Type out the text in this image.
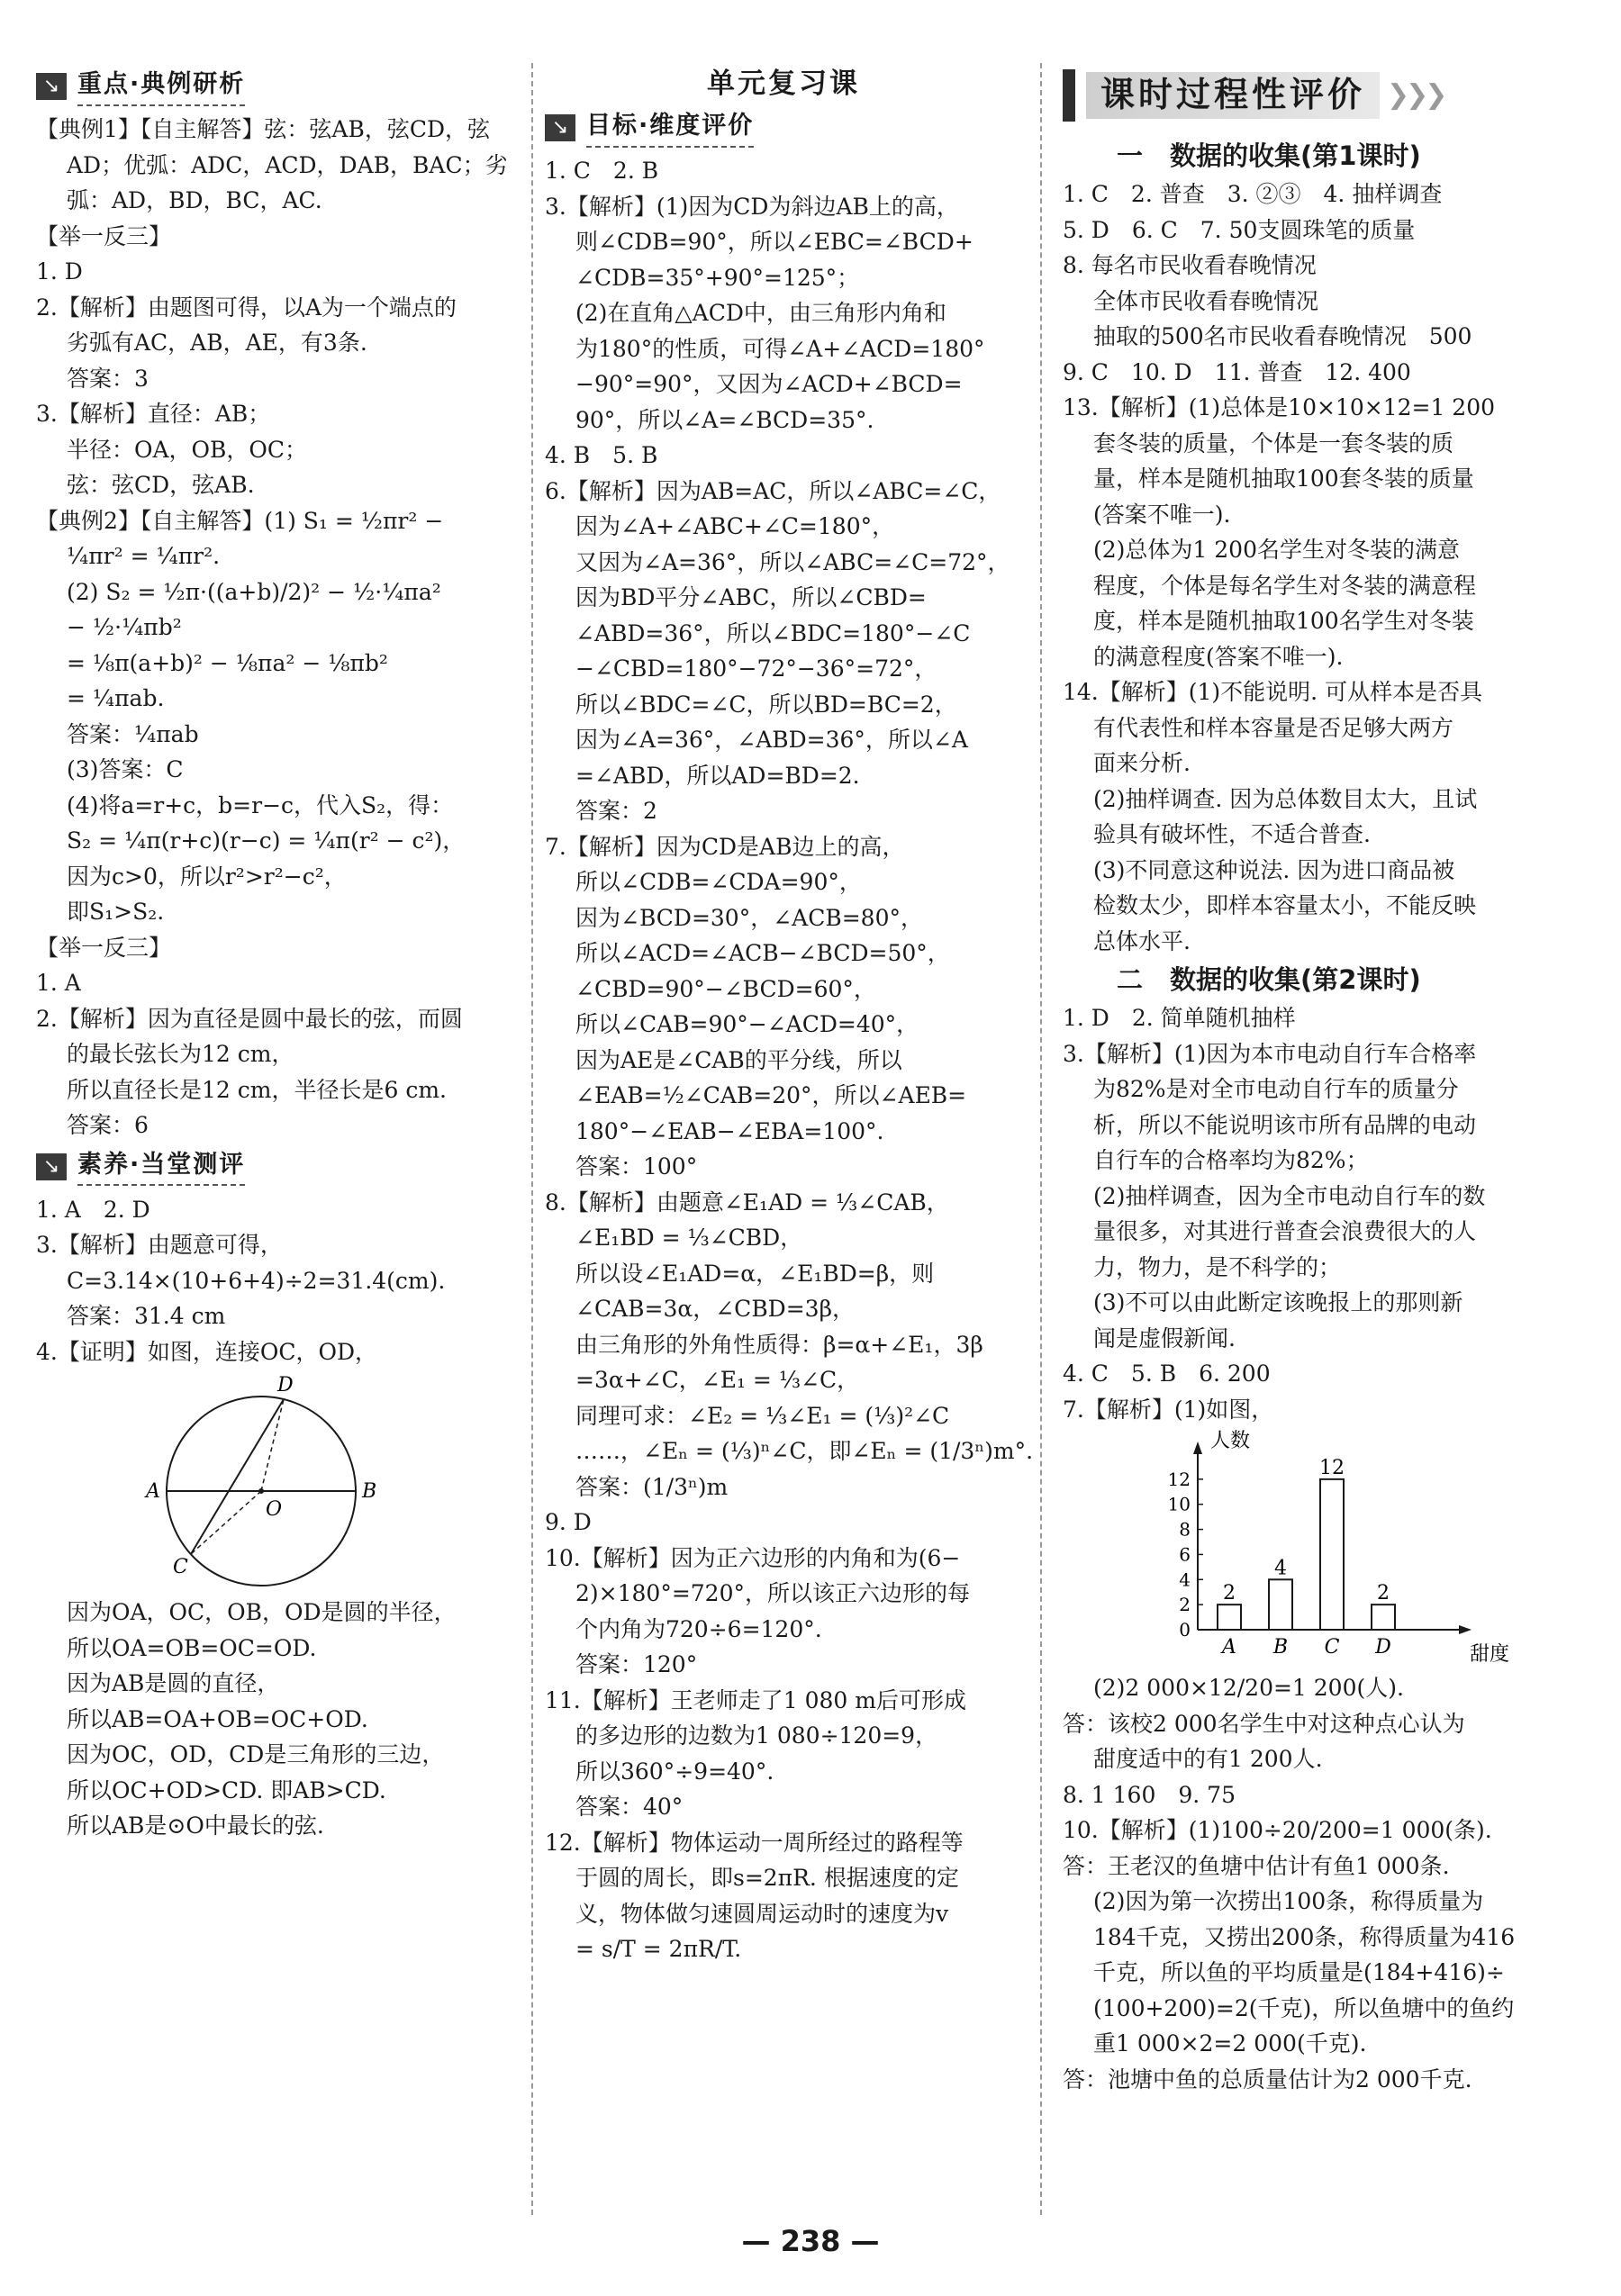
↘ 重点·典例研析
【典例1】【自主解答】弦：弦AB，弦CD，弦
AD；优弧：ADC，ACD，DAB，BAC；劣
弧：AD，BD，BC，AC.
【举一反三】
1. D
2.【解析】由题图可得，以A为一个端点的
劣弧有AC，AB，AE，有3条.
答案：3
3.【解析】直径：AB；
半径：OA，OB，OC；
弦：弦CD，弦AB.
【典例2】【自主解答】(1) S₁ = ½πr² −
¼πr² = ¼πr².
(2) S₂ = ½π·((a+b)/2)² − ½·¼πa²
− ½·¼πb²
= ⅛π(a+b)² − ⅛πa² − ⅛πb²
= ¼πab.
答案：¼πab
(3)答案：C
(4)将a=r+c，b=r−c，代入S₂，得：
S₂ = ¼π(r+c)(r−c) = ¼π(r² − c²)，
因为c>0，所以r²>r²−c²，
即S₁>S₂.
【举一反三】
1. A
2.【解析】因为直径是圆中最长的弦，而圆
的最长弦长为12 cm，
所以直径长是12 cm，半径长是6 cm.
答案：6
↘ 素养·当堂测评
1. A　2. D
3.【解析】由题意可得，
C=3.14×(10+6+4)÷2=31.4(cm).
答案：31.4 cm
4.【证明】如图，连接OC，OD，
D
A	B
O
C
因为OA，OC，OB，OD是圆的半径，
所以OA=OB=OC=OD.
因为AB是圆的直径，
所以AB=OA+OB=OC+OD.
因为OC，OD，CD是三角形的三边，
所以OC+OD>CD. 即AB>CD.
所以AB是⊙O中最长的弦.
单元复习课
↘ 目标·维度评价
1. C　2. B
3.【解析】(1)因为CD为斜边AB上的高，
则∠CDB=90°，所以∠EBC=∠BCD+
∠CDB=35°+90°=125°；
(2)在直角△ACD中，由三角形内角和
为180°的性质，可得∠A+∠ACD=180°
−90°=90°，又因为∠ACD+∠BCD=
90°，所以∠A=∠BCD=35°.
4. B　5. B
6.【解析】因为AB=AC，所以∠ABC=∠C，
因为∠A+∠ABC+∠C=180°，
又因为∠A=36°，所以∠ABC=∠C=72°，
因为BD平分∠ABC，所以∠CBD=
∠ABD=36°，所以∠BDC=180°−∠C
−∠CBD=180°−72°−36°=72°，
所以∠BDC=∠C，所以BD=BC=2，
因为∠A=36°，∠ABD=36°，所以∠A
=∠ABD，所以AD=BD=2.
答案：2
7.【解析】因为CD是AB边上的高，
所以∠CDB=∠CDA=90°，
因为∠BCD=30°，∠ACB=80°，
所以∠ACD=∠ACB−∠BCD=50°，
∠CBD=90°−∠BCD=60°，
所以∠CAB=90°−∠ACD=40°，
因为AE是∠CAB的平分线，所以
∠EAB=½∠CAB=20°，所以∠AEB=
180°−∠EAB−∠EBA=100°.
答案：100°
8.【解析】由题意∠E₁AD = ⅓∠CAB，
∠E₁BD = ⅓∠CBD，
所以设∠E₁AD=α，∠E₁BD=β，则
∠CAB=3α，∠CBD=3β，
由三角形的外角性质得：β=α+∠E₁，3β
=3α+∠C，∠E₁ = ⅓∠C，
同理可求：∠E₂ = ⅓∠E₁ = (⅓)²∠C
……，∠Eₙ = (⅓)ⁿ∠C，即∠Eₙ = (1/3ⁿ)m°.
答案：(1/3ⁿ)m
9. D
10.【解析】因为正六边形的内角和为(6−
2)×180°=720°，所以该正六边形的每
个内角为720÷6=120°.
答案：120°
11.【解析】王老师走了1 080 m后可形成
的多边形的边数为1 080÷120=9，
所以360°÷9=40°.
答案：40°
12.【解析】物体运动一周所经过的路程等
于圆的周长，即s=2πR. 根据速度的定
义，物体做匀速圆周运动时的速度为v
= s/T = 2πR/T.
课时过程性评价 ❯❯❯
一 数据的收集(第1课时)
1. C　2. 普查　3. ②③　4. 抽样调查
5. D　6. C　7. 50支圆珠笔的质量
8. 每名市民收看春晚情况
全体市民收看春晚情况
抽取的500名市民收看春晚情况　500
9. C　10. D　11. 普查　12. 400
13.【解析】(1)总体是10×10×12=1 200
套冬装的质量，个体是一套冬装的质
量，样本是随机抽取100套冬装的质量
(答案不唯一).
(2)总体为1 200名学生对冬装的满意
程度，个体是每名学生对冬装的满意程
度，样本是随机抽取100名学生对冬装
的满意程度(答案不唯一).
14.【解析】(1)不能说明. 可从样本是否具
有代表性和样本容量是否足够大两方
面来分析.
(2)抽样调查. 因为总体数目太大，且试
验具有破坏性，不适合普查.
(3)不同意这种说法. 因为进口商品被
检数太少，即样本容量太小，不能反映
总体水平.
二 数据的收集(第2课时)
1. D　2. 简单随机抽样
3.【解析】(1)因为本市电动自行车合格率
为82%是对全市电动自行车的质量分
析，所以不能说明该市所有品牌的电动
自行车的合格率均为82%；
(2)抽样调查，因为全市电动自行车的数
量很多，对其进行普查会浪费很大的人
力，物力，是不科学的；
(3)不可以由此断定该晚报上的那则新
闻是虚假新闻.
4. C　5. B　6. 200
7.【解析】(1)如图，
0
2
4
6
8
10
12
人数
甜度
2
A
4
B
12
C
2
D
(2)2 000×12/20=1 200(人).
答：该校2 000名学生中对这种点心认为
甜度适中的有1 200人.
8. 1 160　9. 75
10.【解析】(1)100÷20/200=1 000(条).
答：王老汉的鱼塘中估计有鱼1 000条.
(2)因为第一次捞出100条，称得质量为
184千克，又捞出200条，称得质量为416
千克，所以鱼的平均质量是(184+416)÷
(100+200)=2(千克)，所以鱼塘中的鱼约
重1 000×2=2 000(千克).
答：池塘中鱼的总质量估计为2 000千克.
— 238 —
